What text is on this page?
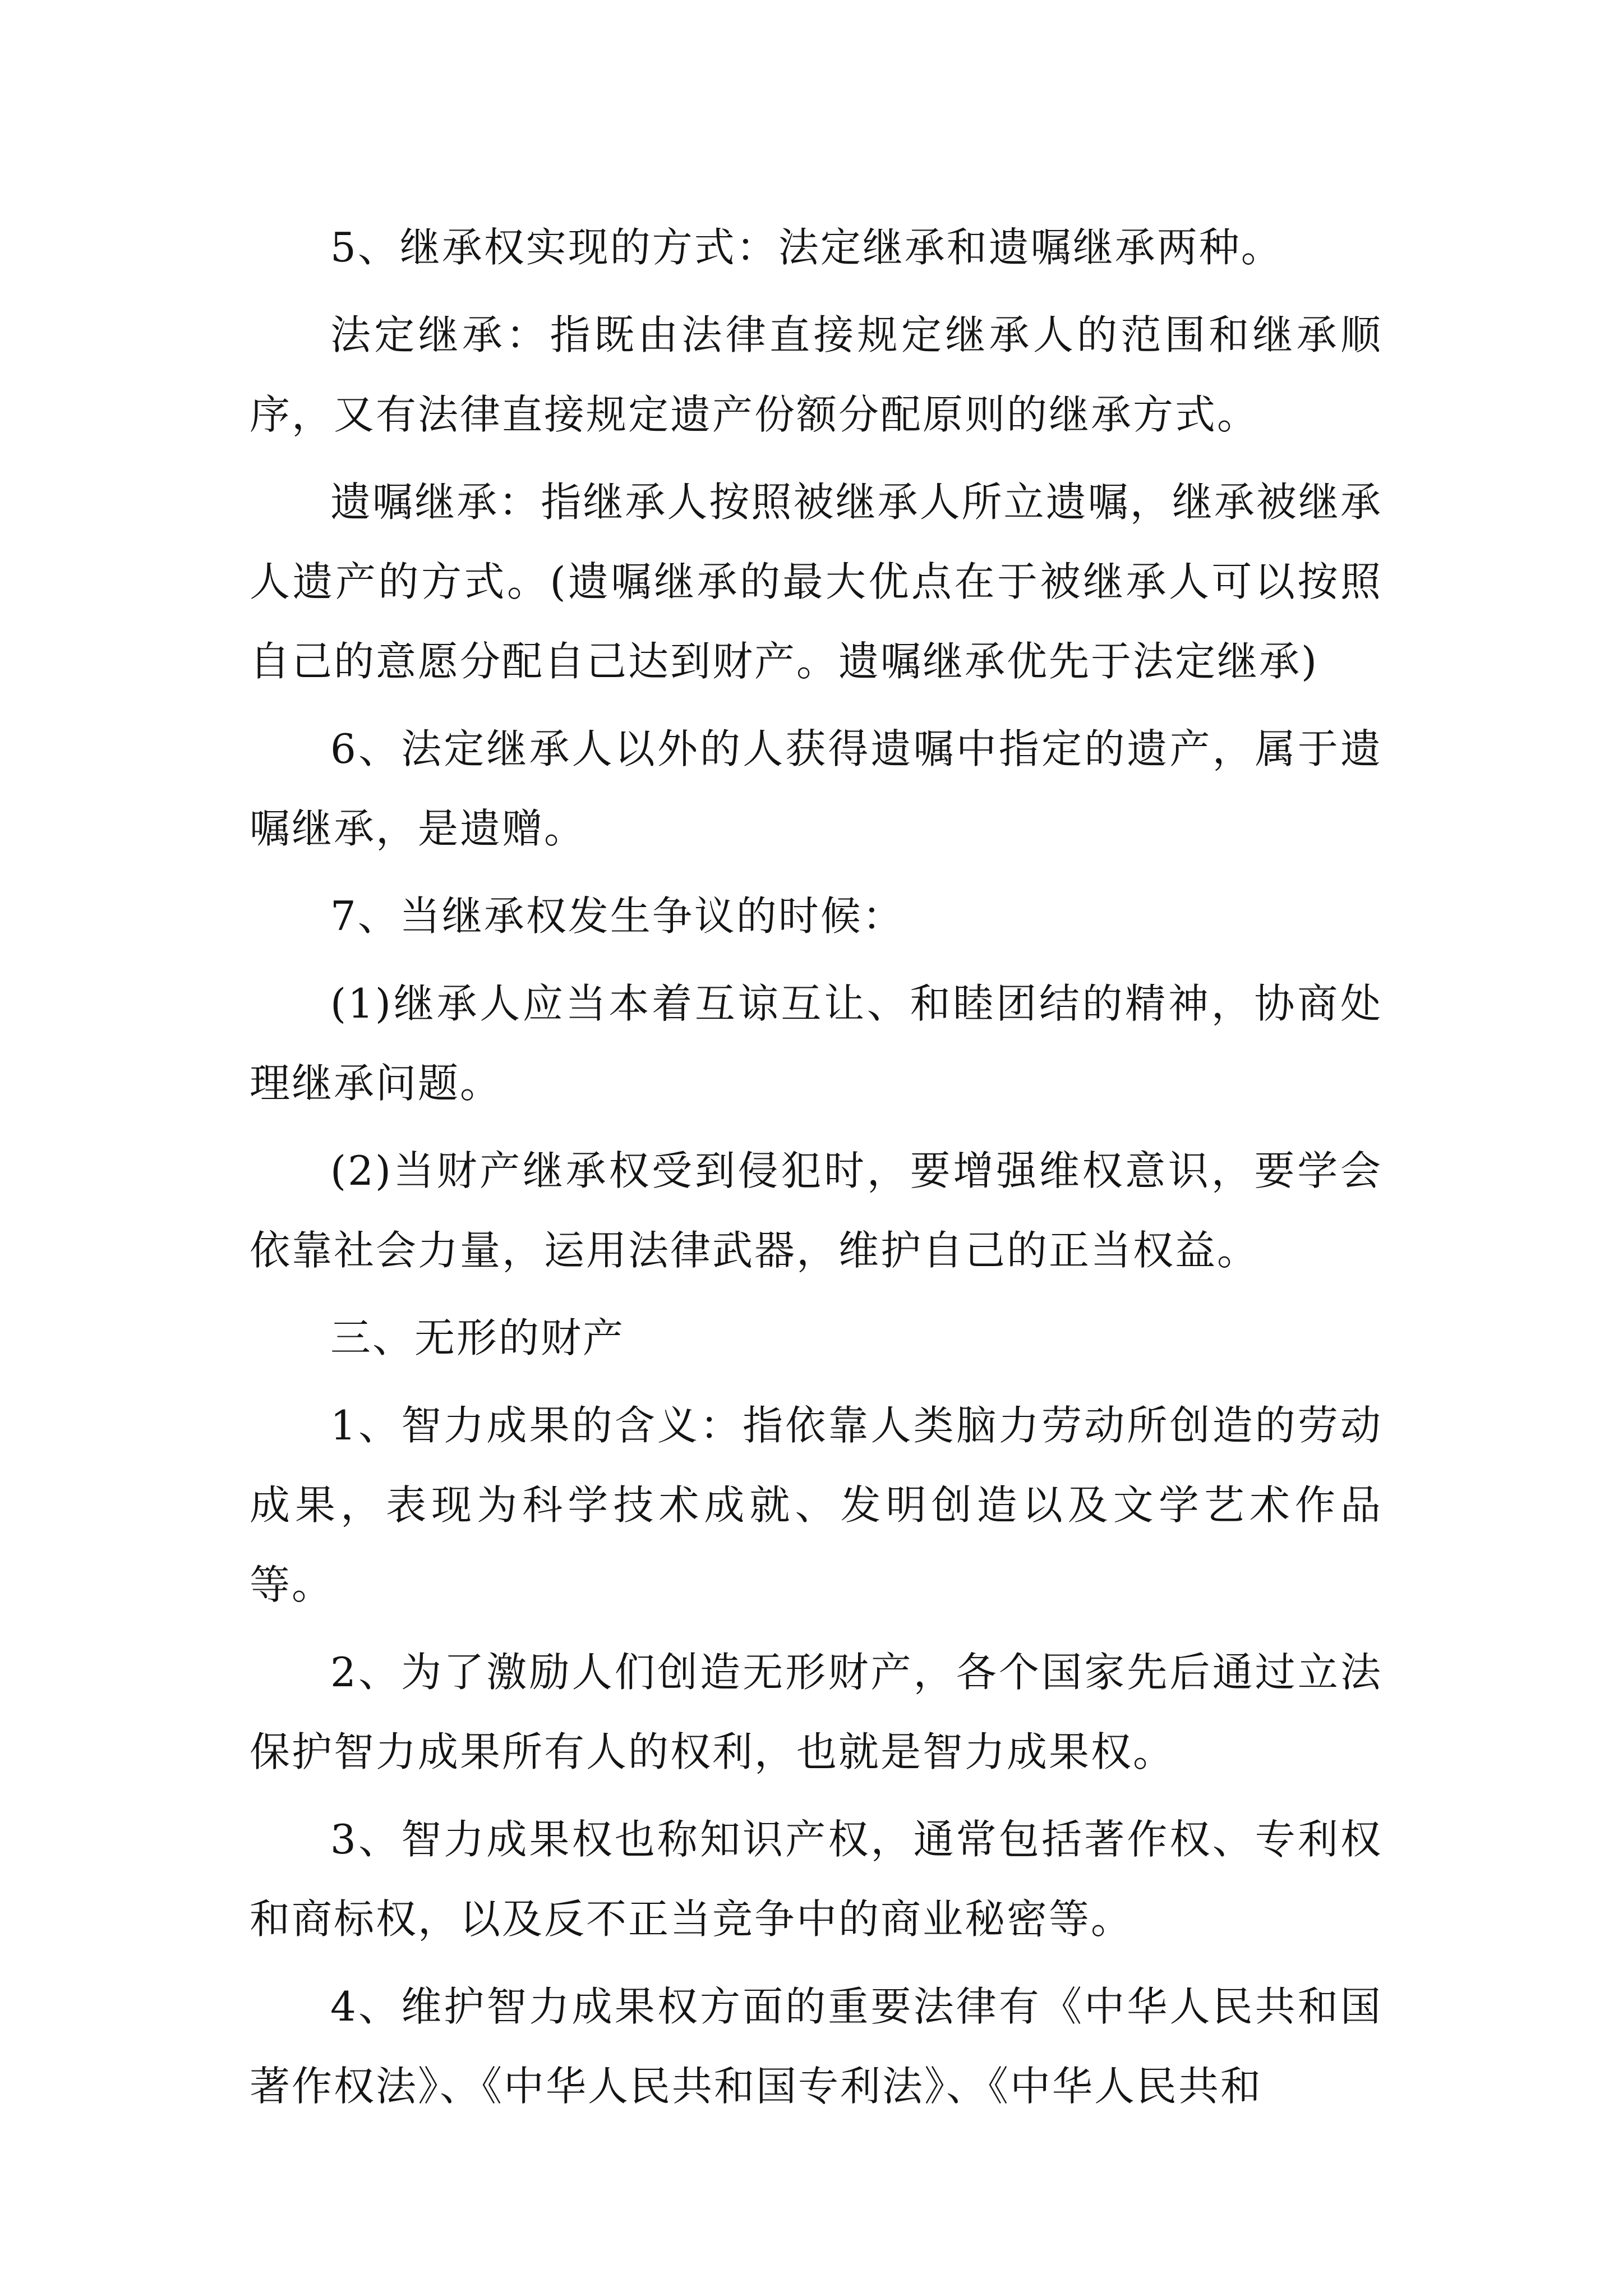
5、继承权实现的方式：法定继承和遗嘱继承两种。

法定继承：指既由法律直接规定继承人的范围和继承顺序，又有法律直接规定遗产份额分配原则的继承方式。

遗嘱继承：指继承人按照被继承人所立遗嘱，继承被继承人遗产的方式。(遗嘱继承的最大优点在于被继承人可以按照自己的意愿分配自己达到财产。遗嘱继承优先于法定继承)

6、法定继承人以外的人获得遗嘱中指定的遗产，属于遗嘱继承，是遗赠。

7、当继承权发生争议的时候：

(1)继承人应当本着互谅互让、和睦团结的精神，协商处理继承问题。

(2)当财产继承权受到侵犯时，要增强维权意识，要学会依靠社会力量，运用法律武器，维护自己的正当权益。

三、无形的财产

1、智力成果的含义：指依靠人类脑力劳动所创造的劳动成果，表现为科学技术成就、发明创造以及文学艺术作品等。

2、为了激励人们创造无形财产，各个国家先后通过立法保护智力成果所有人的权利，也就是智力成果权。

3、智力成果权也称知识产权，通常包括著作权、专利权和商标权，以及反不正当竞争中的商业秘密等。

4、维护智力成果权方面的重要法律有《中华人民共和国著作权法》、《中华人民共和国专利法》、《中华人民共和
